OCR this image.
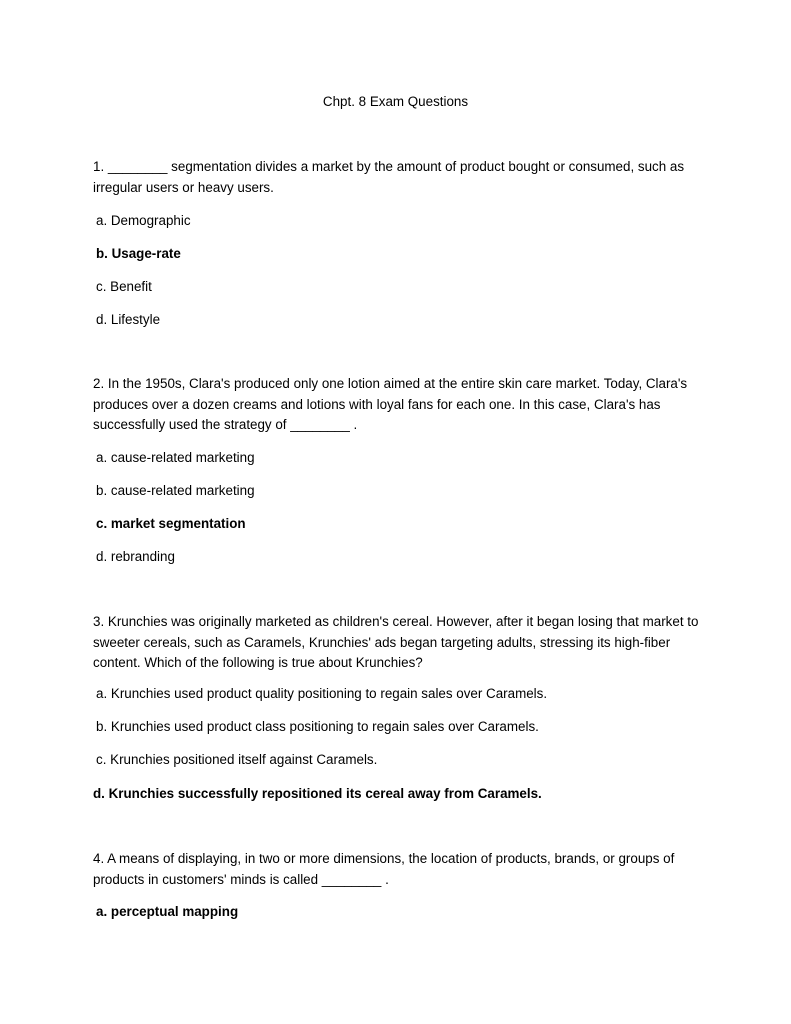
Chpt. 8 Exam Questions

1. ________ segmentation divides a market by the amount of product bought or consumed, such as irregular users or heavy users.

a. Demographic
b. Usage-rate
c. Benefit
d. Lifestyle

2. In the 1950s, Clara's produced only one lotion aimed at the entire skin care market. Today, Clara's produces over a dozen creams and lotions with loyal fans for each one. In this case, Clara's has successfully used the strategy of ________ .

a. cause-related marketing
b. cause-related marketing
c. market segmentation
d. rebranding

3. Krunchies was originally marketed as children's cereal. However, after it began losing that market to sweeter cereals, such as Caramels, Krunchies' ads began targeting adults, stressing its high-fiber content. Which of the following is true about Krunchies?

a. Krunchies used product quality positioning to regain sales over Caramels.
b. Krunchies used product class positioning to regain sales over Caramels.
c. Krunchies positioned itself against Caramels.
d. Krunchies successfully repositioned its cereal away from Caramels.

4. A means of displaying, in two or more dimensions, the location of products, brands, or groups of products in customers' minds is called ________ .

a. perceptual mapping
